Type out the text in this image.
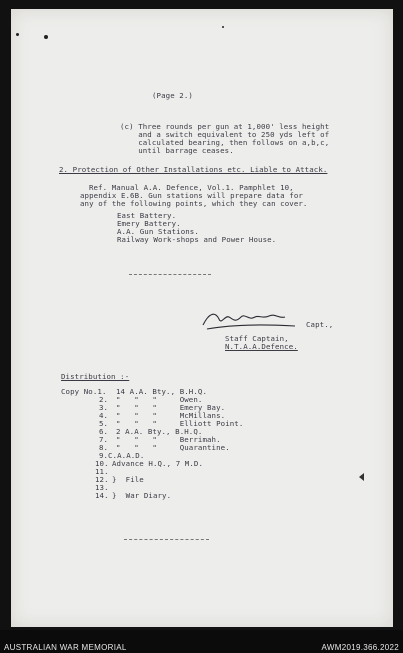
(Page 2.)
(c) Three rounds per gun at 1,000' less height
and a switch equivalent to 250 yds left of
calculated bearing, then follows on a,b,c,
until barrage ceases.
2. Protection of Other Installations etc. Liable to Attack.
Ref. Manual A.A. Defence, Vol.1. Pamphlet 10,
appendix E.6B. Gun stations will prepare data for
any of the following points, which they can cover.
East Battery.
Emery Battery.
A.A. Gun Stations.
Railway Work-shops and Power House.
Capt.,
Staff Captain,
N.T.A.A.Defence.
Distribution :-
Copy No.1. 14 A.A. Bty., B.H.Q.
2. "   "   "     Owen.
3. "   "   "     Emery Bay.
4. "   "   "     McMillans.
5. "   "   "     Elliott Point.
6. 2 A.A. Bty., B.H.Q.
7. "   "   "     Berrimah.
8. "   "   "     Quarantine.
9. C.A.A.D.
10. Advance H.Q., 7 M.D.
11.
12. }  File
13.
14. }  War Diary.
AUSTRALIAN WAR MEMORIAL	AWM2019.366.2022
